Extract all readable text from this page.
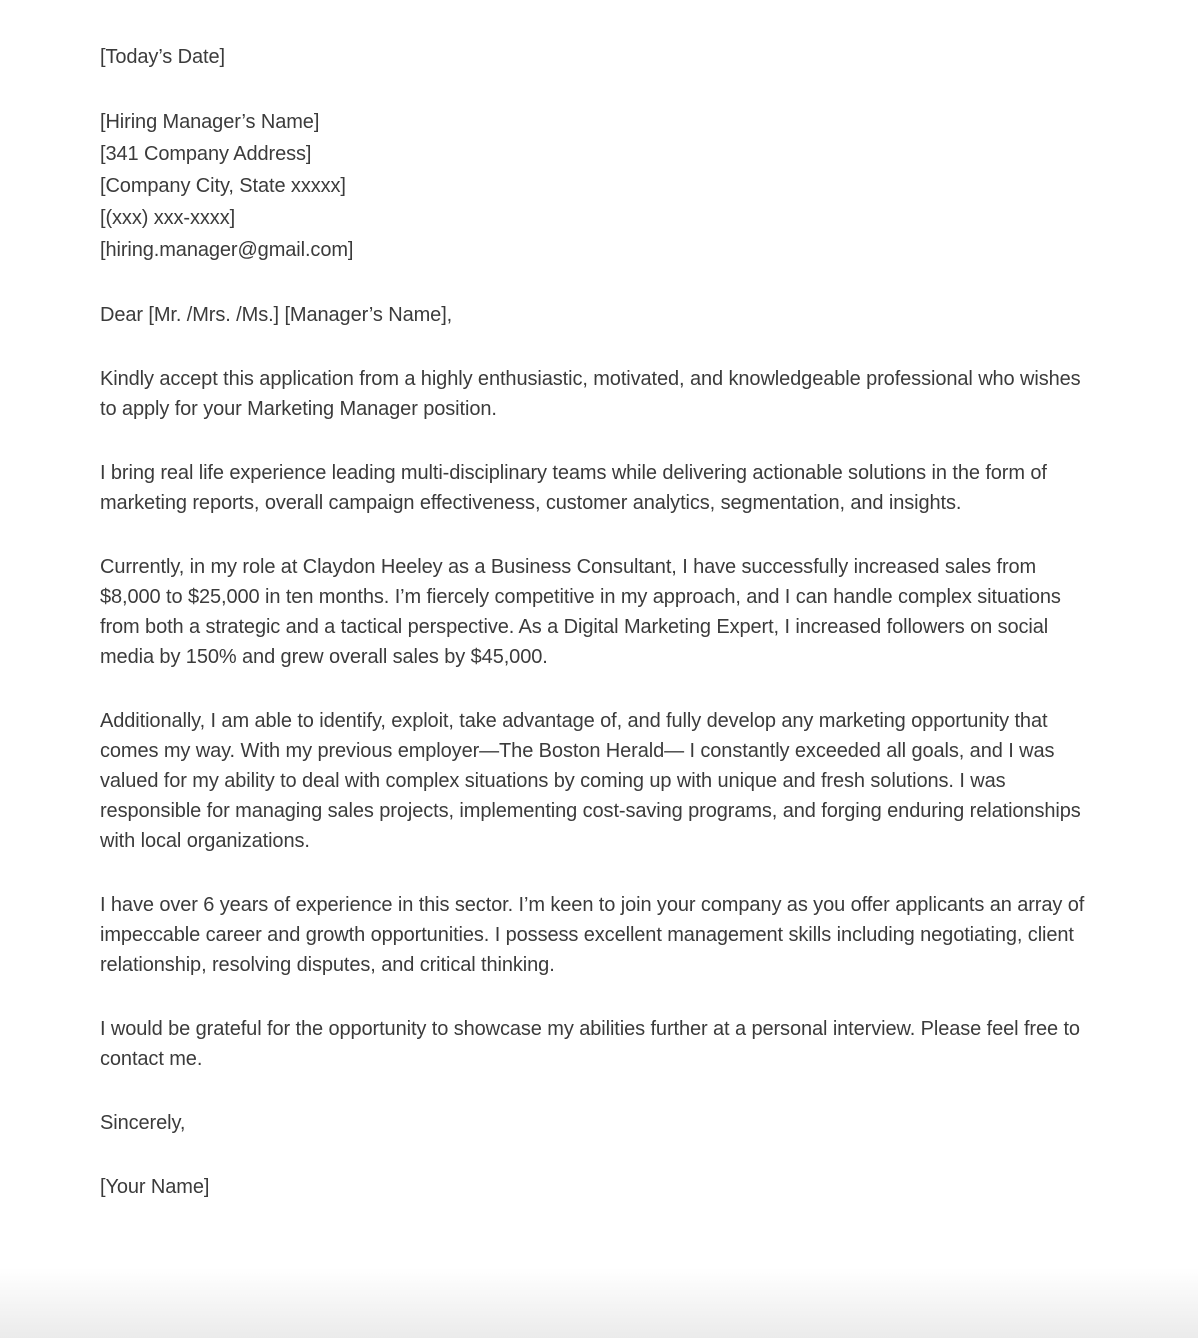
[Today’s Date]

[Hiring Manager’s Name]
[341 Company Address]
[Company City, State xxxxx]
[(xxx) xxx-xxxx]
[hiring.manager@gmail.com]

Dear [Mr. /Mrs. /Ms.] [Manager’s Name],

Kindly accept this application from a highly enthusiastic, motivated, and knowledgeable professional who wishes to apply for your Marketing Manager position.

I bring real life experience leading multi-disciplinary teams while delivering actionable solutions in the form of marketing reports, overall campaign effectiveness, customer analytics, segmentation, and insights.

Currently, in my role at Claydon Heeley as a Business Consultant, I have successfully increased sales from $8,000 to $25,000 in ten months. I’m fiercely competitive in my approach, and I can handle complex situations from both a strategic and a tactical perspective. As a Digital Marketing Expert, I increased followers on social media by 150% and grew overall sales by $45,000.

Additionally, I am able to identify, exploit, take advantage of, and fully develop any marketing opportunity that comes my way. With my previous employer—The Boston Herald— I constantly exceeded all goals, and I was valued for my ability to deal with complex situations by coming up with unique and fresh solutions. I was responsible for managing sales projects, implementing cost-saving programs, and forging enduring relationships with local organizations.

I have over 6 years of experience in this sector. I’m keen to join your company as you offer applicants an array of impeccable career and growth opportunities. I possess excellent management skills including negotiating, client relationship, resolving disputes, and critical thinking.

I would be grateful for the opportunity to showcase my abilities further at a personal interview. Please feel free to contact me.

Sincerely,

[Your Name]
